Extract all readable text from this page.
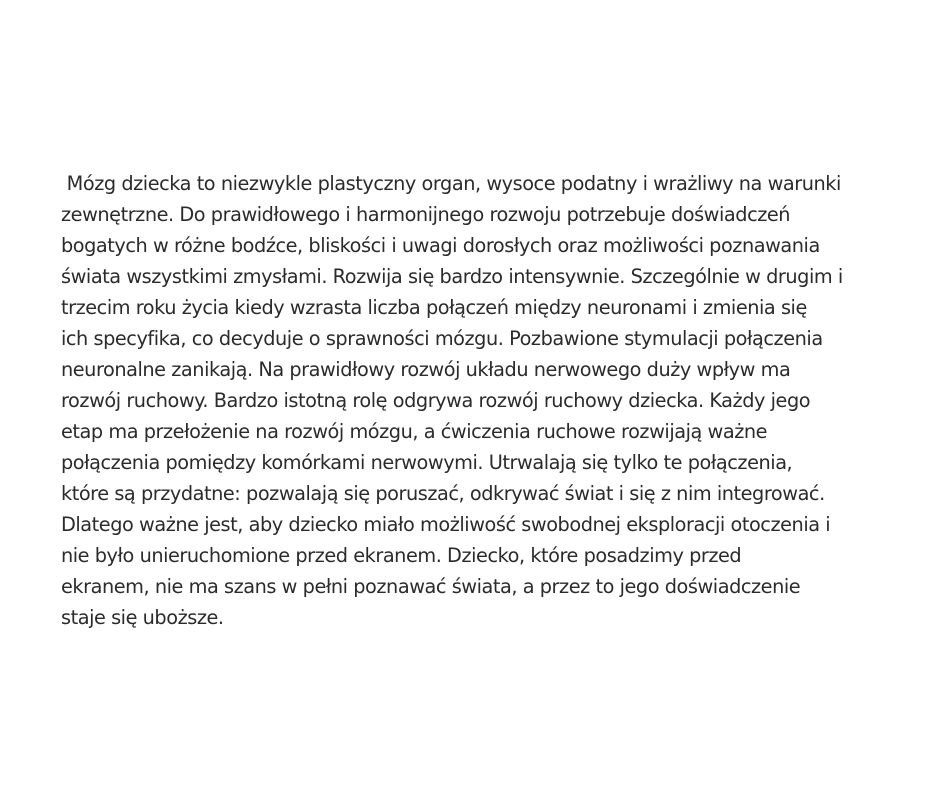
Mózg dziecka to niezwykle plastyczny organ, wysoce podatny i wrażliwy na warunki
zewnętrzne. Do prawidłowego i harmonijnego rozwoju potrzebuje doświadczeń
bogatych w różne bodźce, bliskości i uwagi dorosłych oraz możliwości poznawania
świata wszystkimi zmysłami. Rozwija się bardzo intensywnie. Szczególnie w drugim i
trzecim roku życia kiedy wzrasta liczba połączeń między neuronami i zmienia się
ich specyfika, co decyduje o sprawności mózgu. Pozbawione stymulacji połączenia
neuronalne zanikają. Na prawidłowy rozwój układu nerwowego duży wpływ ma
rozwój ruchowy. Bardzo istotną rolę odgrywa rozwój ruchowy dziecka. Każdy jego
etap ma przełożenie na rozwój mózgu, a ćwiczenia ruchowe rozwijają ważne
połączenia pomiędzy komórkami nerwowymi. Utrwalają się tylko te połączenia,
które są przydatne: pozwalają się poruszać, odkrywać świat i się z nim integrować.
Dlatego ważne jest, aby dziecko miało możliwość swobodnej eksploracji otoczenia i
nie było unieruchomione przed ekranem. Dziecko, które posadzimy przed
ekranem, nie ma szans w pełni poznawać świata, a przez to jego doświadczenie
staje się uboższe.
